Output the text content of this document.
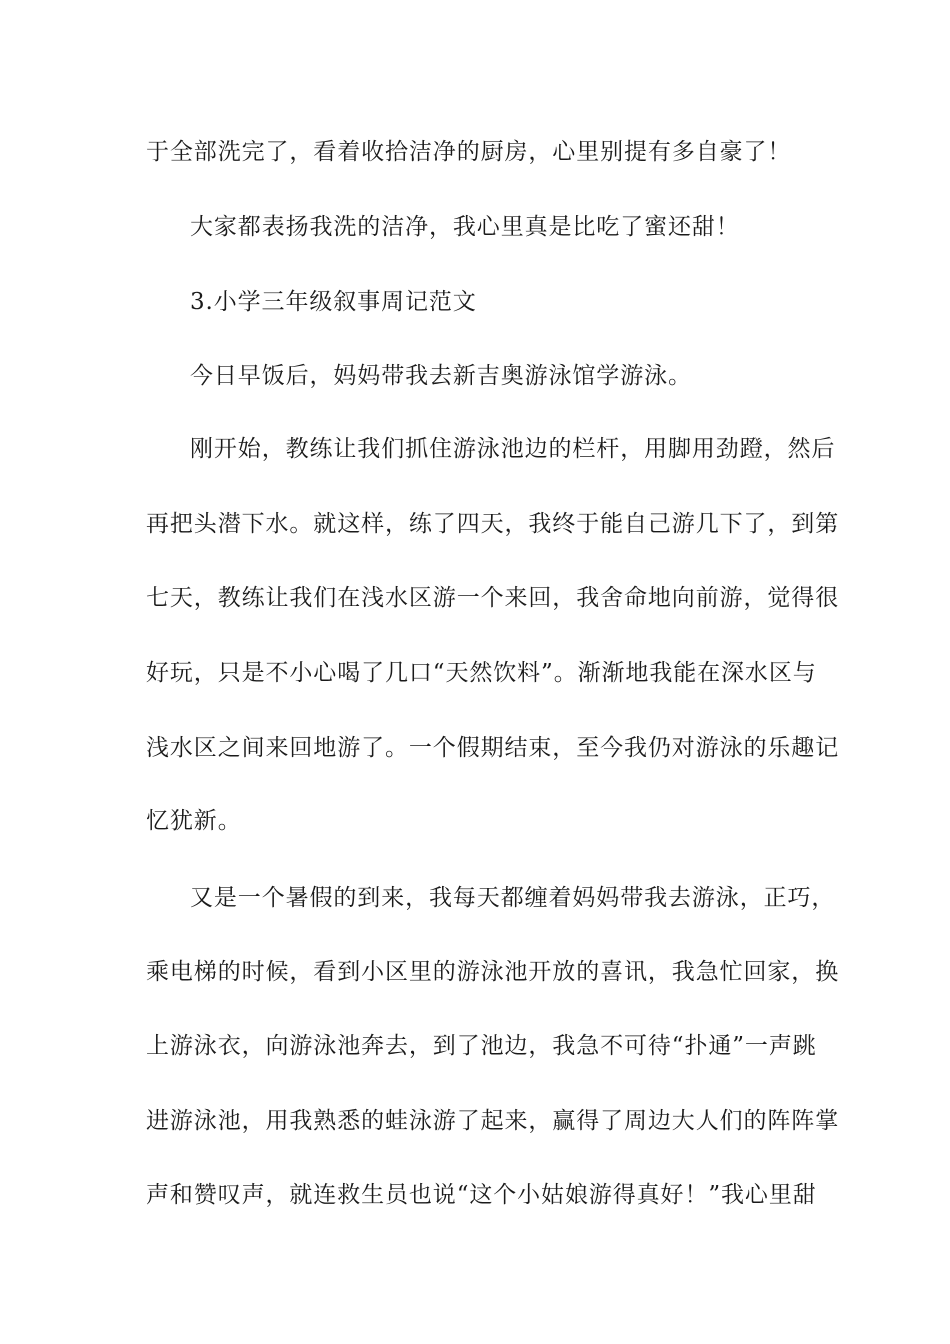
于全部洗完了，看着收拾洁净的厨房，心里别提有多自豪了！
大家都表扬我洗的洁净，我心里真是比吃了蜜还甜！
3.小学三年级叙事周记范文
今日早饭后，妈妈带我去新吉奥游泳馆学游泳。
刚开始，教练让我们抓住游泳池边的栏杆，用脚用劲蹬，然后
再把头潜下水。就这样，练了四天，我终于能自己游几下了，到第
七天，教练让我们在浅水区游一个来回，我舍命地向前游，觉得很
好玩，只是不小心喝了几口“天然饮料”。渐渐地我能在深水区与
浅水区之间来回地游了。一个假期结束，至今我仍对游泳的乐趣记
忆犹新。
又是一个暑假的到来，我每天都缠着妈妈带我去游泳，正巧，
乘电梯的时候，看到小区里的游泳池开放的喜讯，我急忙回家，换
上游泳衣，向游泳池奔去，到了池边，我急不可待“扑通”一声跳
进游泳池，用我熟悉的蛙泳游了起来，赢得了周边大人们的阵阵掌
声和赞叹声，就连救生员也说“这个小姑娘游得真好！”我心里甜
